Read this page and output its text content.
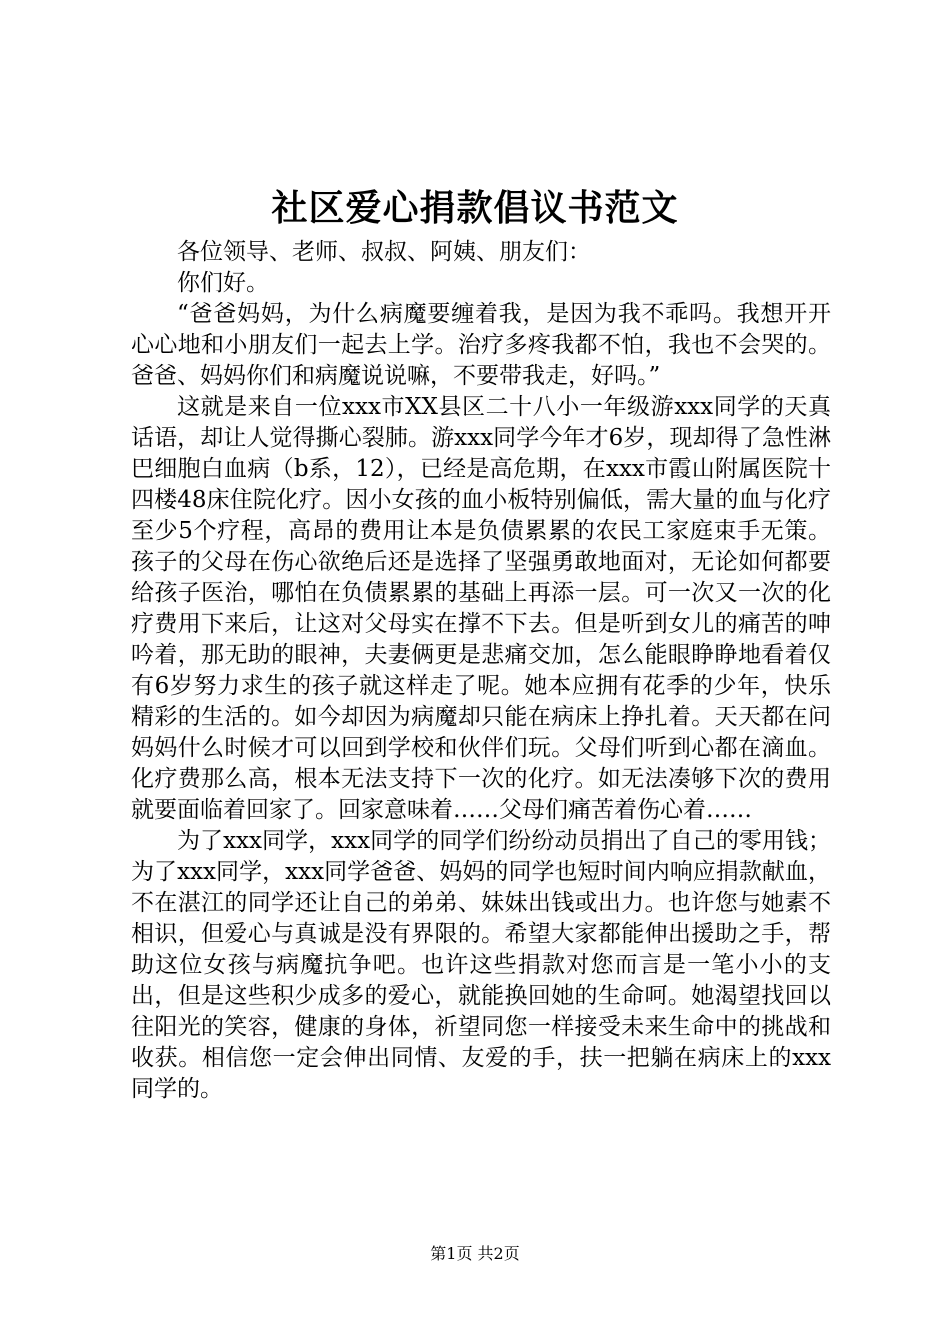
社区爱心捐款倡议书范文

各位领导、老师、叔叔、阿姨、朋友们：

你们好。

“爸爸妈妈，为什么病魔要缠着我，是因为我不乖吗。我想开开心心地和小朋友们一起去上学。治疗多疼我都不怕，我也不会哭的。爸爸、妈妈你们和病魔说说嘛，不要带我走，好吗。”

这就是来自一位xxx市XX县区二十八小一年级游xxx同学的天真话语，却让人觉得撕心裂肺。游xxx同学今年才6岁，现却得了急性淋巴细胞白血病（b系，12），已经是高危期，在xxx市霞山附属医院十四楼48床住院化疗。因小女孩的血小板特别偏低，需大量的血与化疗至少5个疗程，高昂的费用让本是负债累累的农民工家庭束手无策。孩子的父母在伤心欲绝后还是选择了坚强勇敢地面对，无论如何都要给孩子医治，哪怕在负债累累的基础上再添一层。可一次又一次的化疗费用下来后，让这对父母实在撑不下去。但是听到女儿的痛苦的呻吟着，那无助的眼神，夫妻俩更是悲痛交加，怎么能眼睁睁地看着仅有6岁努力求生的孩子就这样走了呢。她本应拥有花季的少年，快乐精彩的生活的。如今却因为病魔却只能在病床上挣扎着。天天都在问妈妈什么时候才可以回到学校和伙伴们玩。父母们听到心都在滴血。化疗费那么高，根本无法支持下一次的化疗。如无法凑够下次的费用就要面临着回家了。回家意味着……父母们痛苦着伤心着……

为了xxx同学，xxx同学的同学们纷纷动员捐出了自己的零用钱；为了xxx同学，xxx同学爸爸、妈妈的同学也短时间内响应捐款献血，不在湛江的同学还让自己的弟弟、妹妹出钱或出力。也许您与她素不相识，但爱心与真诚是没有界限的。希望大家都能伸出援助之手，帮助这位女孩与病魔抗争吧。也许这些捐款对您而言是一笔小小的支出，但是这些积少成多的爱心，就能换回她的生命呵。她渴望找回以往阳光的笑容，健康的身体，祈望同您一样接受未来生命中的挑战和收获。相信您一定会伸出同情、友爱的手，扶一把躺在病床上的xxx同学的。

第1页 共2页
